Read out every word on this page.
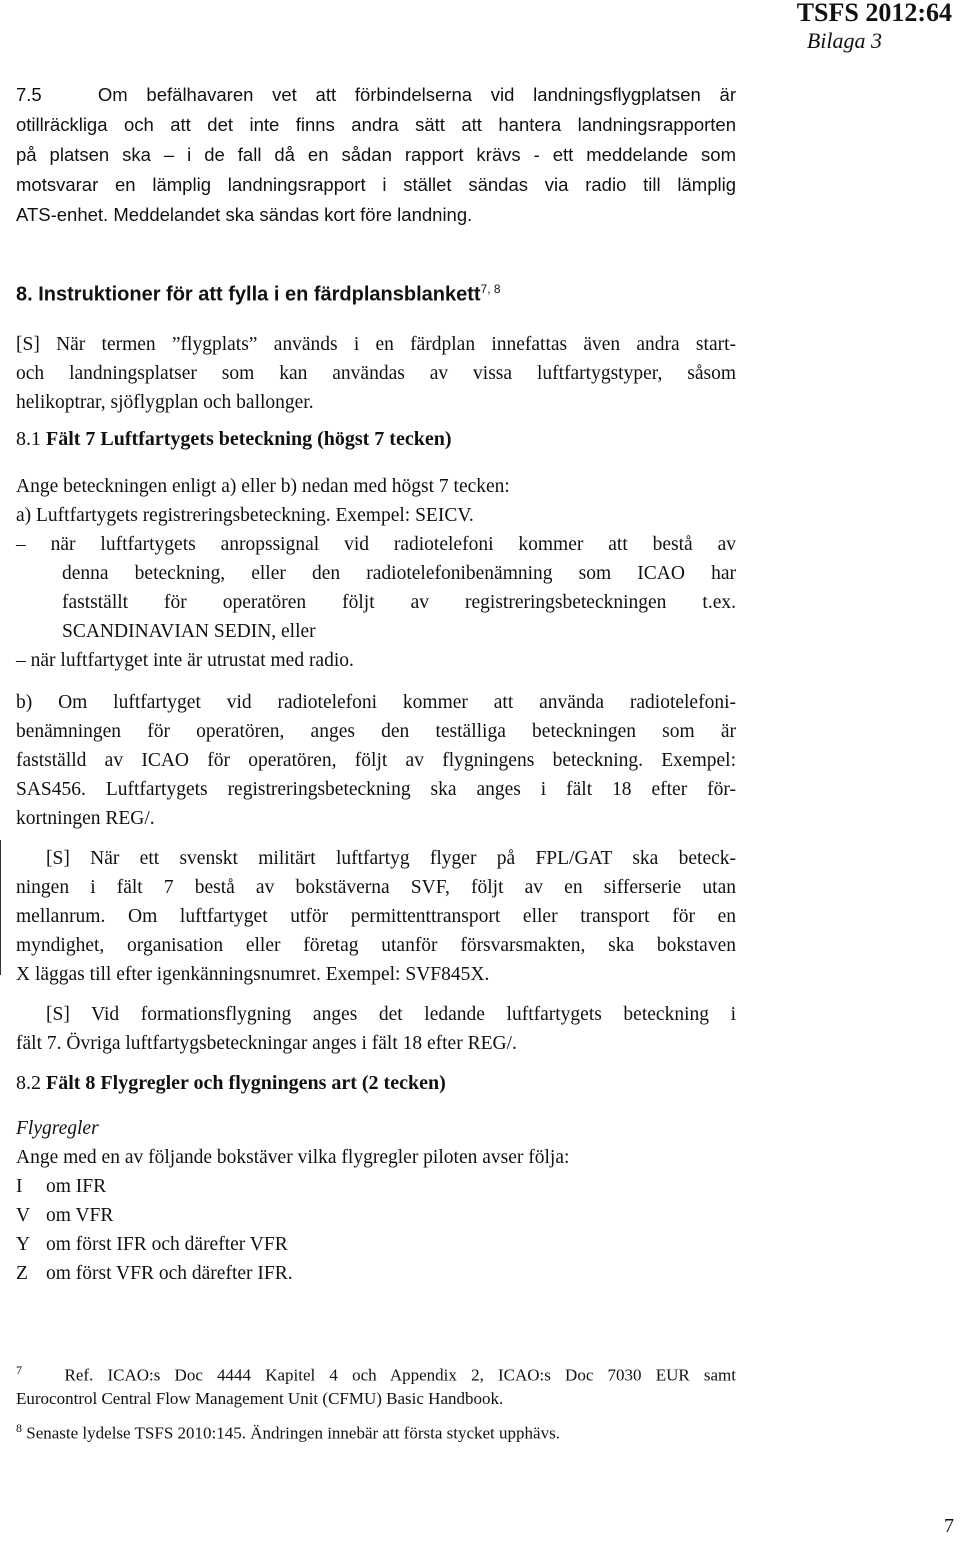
TSFS 2012:64
Bilaga 3
7.5	Om befälhavaren vet att förbindelserna vid landningsflygplatsen är
otillräckliga och att det inte finns andra sätt att hantera landningsrapporten
på platsen ska – i de fall då en sådan rapport krävs - ett meddelande som
motsvarar en lämplig landningsrapport i stället sändas via radio till lämplig
ATS-enhet. Meddelandet ska sändas kort före landning.
8. Instruktioner för att fylla i en färdplansblankett$^{7, 8}$
[S] När termen ”flygplats” används i en färdplan innefattas även andra start-
och landningsplatser som kan användas av vissa luftfartygstyper, såsom
helikoptrar, sjöflygplan och ballonger.
8.1 Fält 7 Luftfartygets beteckning (högst 7 tecken)
Ange beteckningen enligt a) eller b) nedan med högst 7 tecken:
a) Luftfartygets registreringsbeteckning. Exempel: SEICV.
– när luftfartygets anropssignal vid radiotelefoni kommer att bestå av
denna beteckning, eller den radiotelefonibenämning som ICAO har
fastställt för operatören följt av registreringsbeteckningen t.ex.
SCANDINAVIAN SEDIN, eller
– när luftfartyget inte är utrustat med radio.
b) Om luftfartyget vid radiotelefoni kommer att använda radiotelefoni-
benämningen för operatören, anges den teställiga beteckningen som är
fastställd av ICAO för operatören, följt av flygningens beteckning. Exempel:
SAS456. Luftfartygets registreringsbeteckning ska anges i fält 18 efter för-
kortningen REG/.
[S] När ett svenskt militärt luftfartyg flyger på FPL/GAT ska beteck-
ningen i fält 7 bestå av bokstäverna SVF, följt av en sifferserie utan
mellanrum. Om luftfartyget utför permittenttransport eller transport för en
myndighet, organisation eller företag utanför försvarsmakten, ska bokstaven
X läggas till efter igenkänningsnumret. Exempel: SVF845X.
[S] Vid formationsflygning anges det ledande luftfartygets beteckning i
fält 7. Övriga luftfartygsbeteckningar anges i fält 18 efter REG/.
8.2 Fält 8 Flygregler och flygningens art (2 tecken)
Flygregler
Ange med en av följande bokstäver vilka flygregler piloten avser följa:
I om IFR
V om VFR
Y om först IFR och därefter VFR
Z om först VFR och därefter IFR.
$^7$	Ref. ICAO:s Doc 4444 Kapitel 4 och Appendix 2, ICAO:s Doc 7030 EUR samt
Eurocontrol Central Flow Management Unit (CFMU) Basic Handbook.
$^8$ Senaste lydelse TSFS 2010:145. Ändringen innebär att första stycket upphävs.
7
